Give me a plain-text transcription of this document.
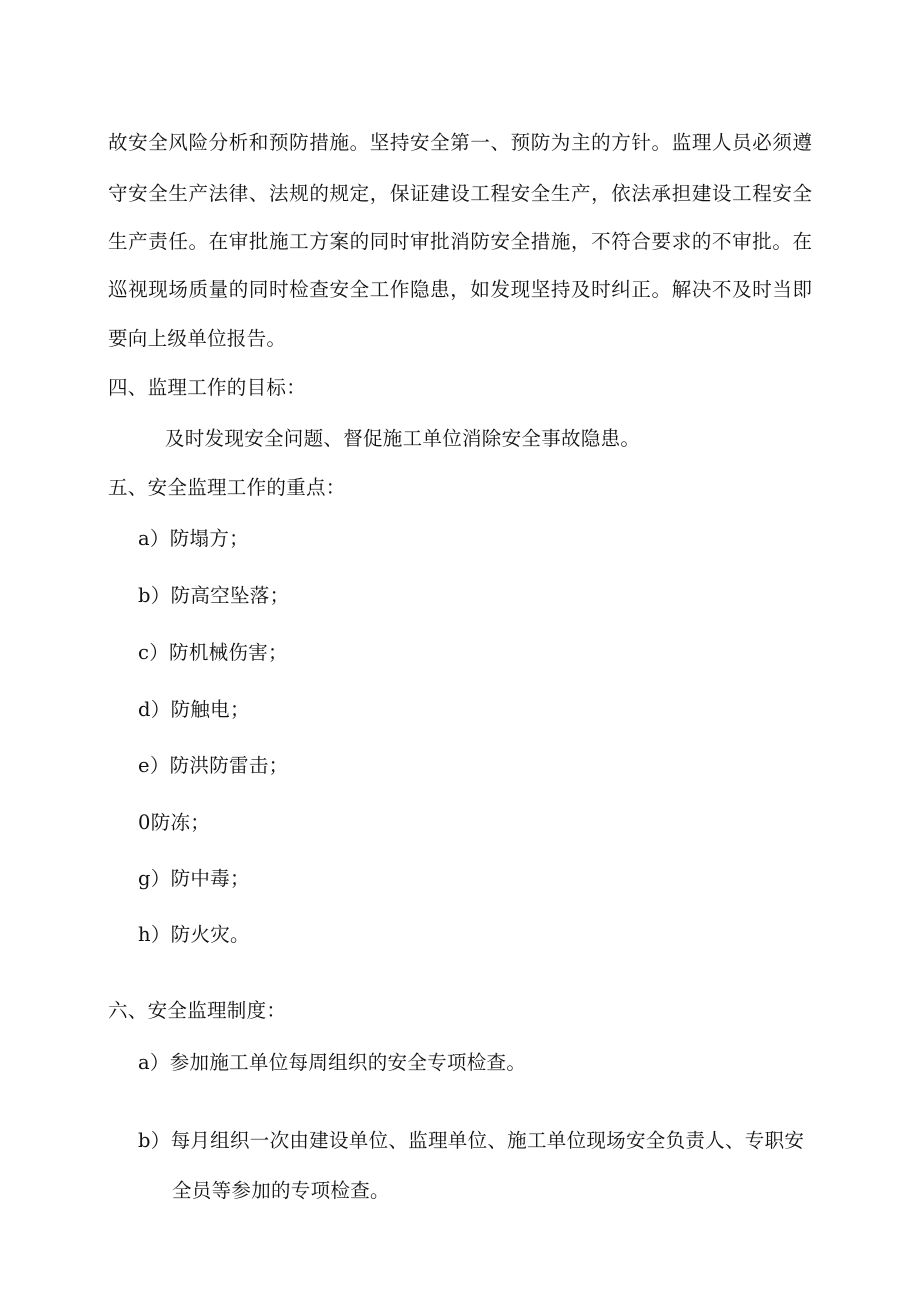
故安全风险分析和预防措施。坚持安全第一、预防为主的方针。监理人员必须遵
守安全生产法律、法规的规定，保证建设工程安全生产，依法承担建设工程安全
生产责任。在审批施工方案的同时审批消防安全措施，不符合要求的不审批。在
巡视现场质量的同时检查安全工作隐患，如发现坚持及时纠正。解决不及时当即
要向上级单位报告。
四、监理工作的目标：
及时发现安全问题、督促施工单位消除安全事故隐患。
五、安全监理工作的重点：
a）防塌方；
b）防高空坠落；
c）防机械伤害；
d）防触电；
e）防洪防雷击；
0防冻；
g）防中毒；
h）防火灾。
六、安全监理制度：
a）参加施工单位每周组织的安全专项检查。
b）每月组织一次由建设单位、监理单位、施工单位现场安全负责人、专职安
全员等参加的专项检查。
